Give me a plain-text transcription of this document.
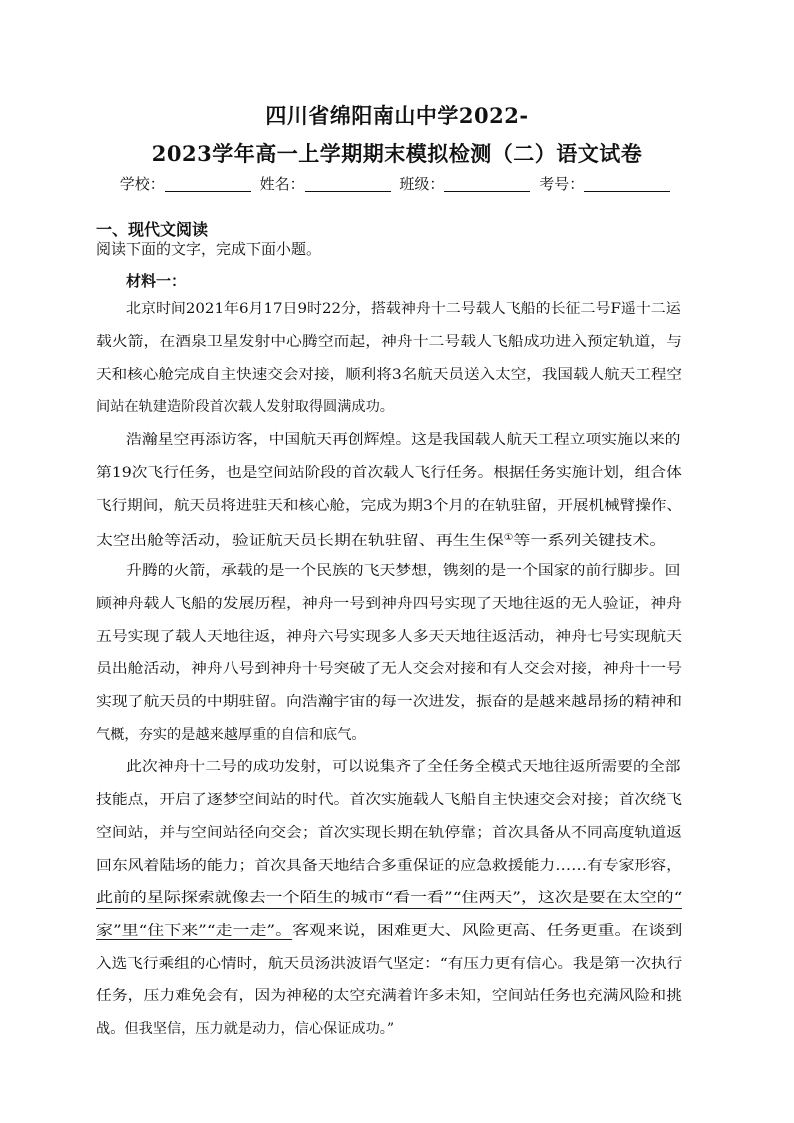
四川省绵阳南山中学2022-
2023学年高一上学期期末模拟检测（二）语文试卷
学校：	姓名：	班级：	考号：
一、现代文阅读
阅读下面的文字，完成下面小题。
材料一：
北京时间2021年6月17日9时22分，搭载神舟十二号载人飞船的长征二号F遥十二运
载火箭，在酒泉卫星发射中心腾空而起，神舟十二号载人飞船成功进入预定轨道，与
天和核心舱完成自主快速交会对接，顺利将3名航天员送入太空，我国载人航天工程空
间站在轨建造阶段首次载人发射取得圆满成功。
浩瀚星空再添访客，中国航天再创辉煌。这是我国载人航天工程立项实施以来的
第19次飞行任务，也是空间站阶段的首次载人飞行任务。根据任务实施计划，组合体
飞行期间，航天员将进驻天和核心舱，完成为期3个月的在轨驻留，开展机械臂操作、
太空出舱等活动，验证航天员长期在轨驻留、再生生保①等一系列关键技术。
升腾的火箭，承载的是一个民族的飞天梦想，镌刻的是一个国家的前行脚步。回
顾神舟载人飞船的发展历程，神舟一号到神舟四号实现了天地往返的无人验证，神舟
五号实现了载人天地往返，神舟六号实现多人多天天地往返活动，神舟七号实现航天
员出舱活动，神舟八号到神舟十号突破了无人交会对接和有人交会对接，神舟十一号
实现了航天员的中期驻留。向浩瀚宇宙的每一次进发，振奋的是越来越昂扬的精神和
气概，夯实的是越来越厚重的自信和底气。
此次神舟十二号的成功发射，可以说集齐了全任务全模式天地往返所需要的全部
技能点，开启了逐梦空间站的时代。首次实施载人飞船自主快速交会对接；首次绕飞
空间站，并与空间站径向交会；首次实现长期在轨停靠；首次具备从不同高度轨道返
回东风着陆场的能力；首次具备天地结合多重保证的应急救援能力……有专家形容，
此前的星际探索就像去一个陌生的城市“看一看”“住两天”，这次是要在太空的“
家”里“住下来”“走一走”。客观来说，困难更大、风险更高、任务更重。在谈到
入选飞行乘组的心情时，航天员汤洪波语气坚定：“有压力更有信心。我是第一次执行
任务，压力难免会有，因为神秘的太空充满着许多未知，空间站任务也充满风险和挑
战。但我坚信，压力就是动力，信心保证成功。”
